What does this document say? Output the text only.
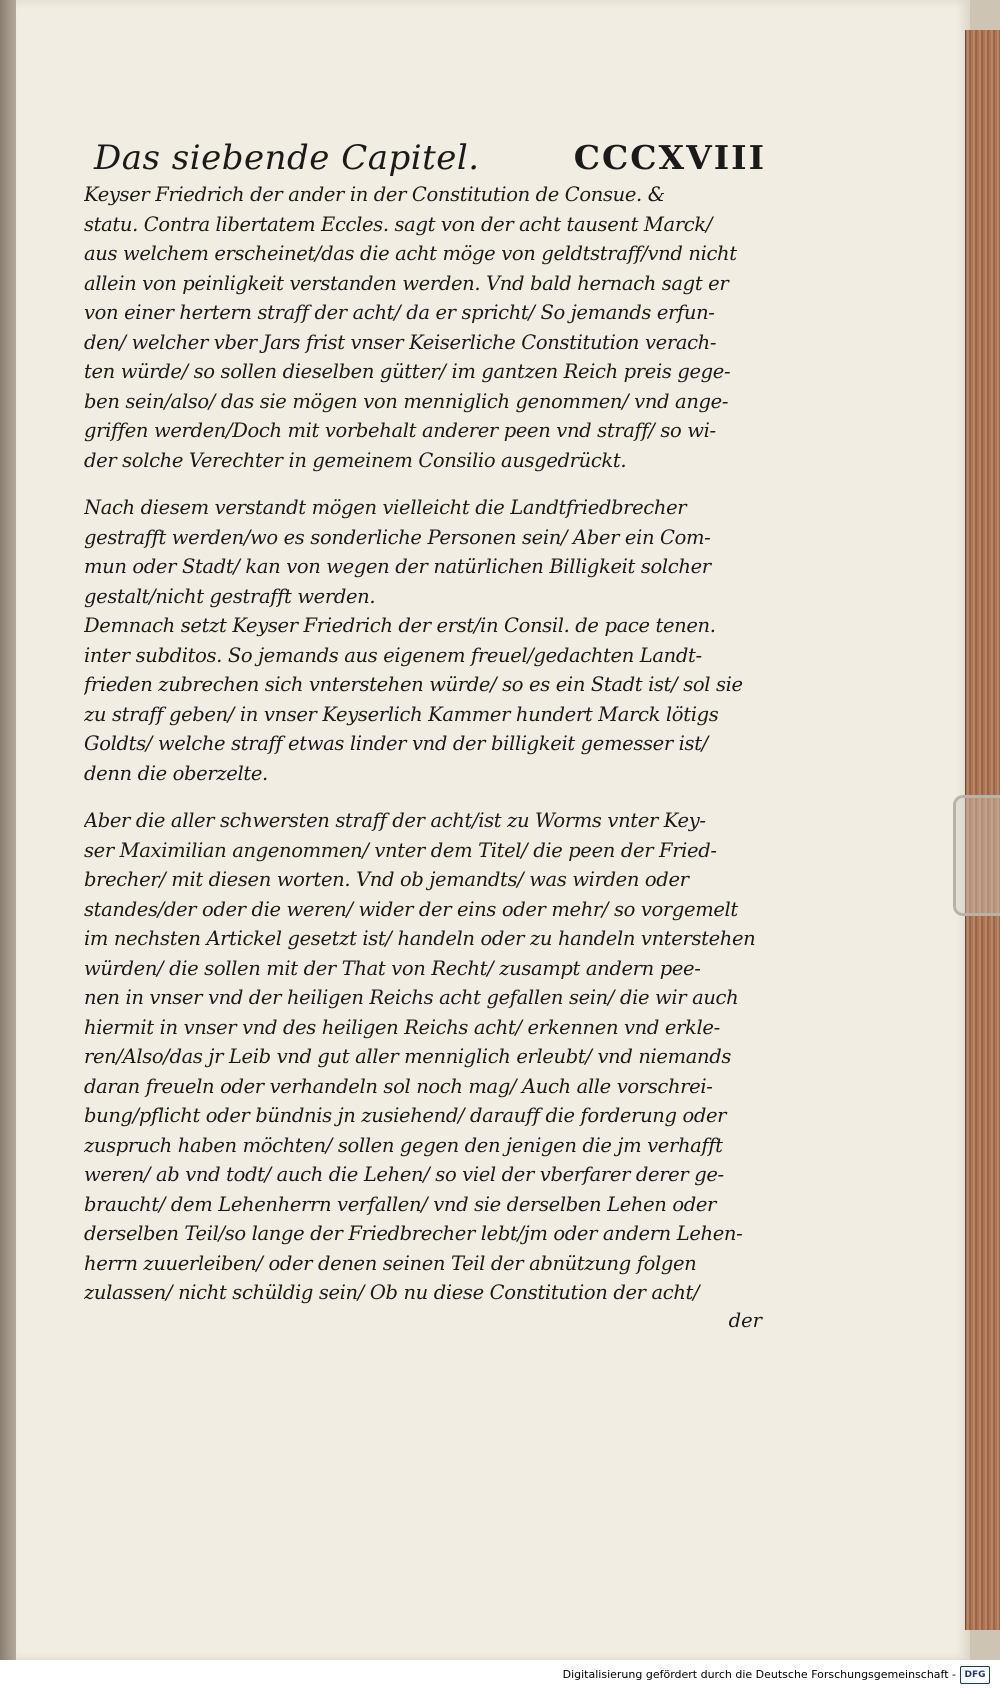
Das siebende Capitel.	CCCXVIII
Keyser Friedrich der ander in der Constitution de Consue. &
statu. Contra libertatem Eccles. sagt von der acht tausent Marck/
aus welchem erscheinet/das die acht möge von geldtstraff/vnd nicht
allein von peinligkeit verstanden werden. Vnd bald hernach sagt er
von einer hertern straff der acht/ da er spricht/ So jemands erfun-
den/ welcher vber Jars frist vnser Keiserliche Constitution verach-
ten würde/ so sollen dieselben gütter/ im gantzen Reich preis gege-
ben sein/also/ das sie mögen von menniglich genommen/ vnd ange-
griffen werden/Doch mit vorbehalt anderer peen vnd straff/ so wi-
der solche Verechter in gemeinem Consilio ausgedrückt.
Nach diesem verstandt mögen vielleicht die Landtfriedbrecher
gestrafft werden/wo es sonderliche Personen sein/ Aber ein Com-
mun oder Stadt/ kan von wegen der natürlichen Billigkeit solcher
gestalt/nicht gestrafft werden.
Demnach setzt Keyser Friedrich der erst/in Consil. de pace tenen.
inter subditos. So jemands aus eigenem freuel/gedachten Landt-
frieden zubrechen sich vnterstehen würde/ so es ein Stadt ist/ sol sie
zu straff geben/ in vnser Keyserlich Kammer hundert Marck lötigs
Goldts/ welche straff etwas linder vnd der billigkeit gemesser ist/
denn die oberzelte.
Aber die aller schwersten straff der acht/ist zu Worms vnter Key-
ser Maximilian angenommen/ vnter dem Titel/ die peen der Fried-
brecher/ mit diesen worten. Vnd ob jemandts/ was wirden oder
standes/der oder die weren/ wider der eins oder mehr/ so vorgemelt
im nechsten Artickel gesetzt ist/ handeln oder zu handeln vnterstehen
würden/ die sollen mit der That von Recht/ zusampt andern pee-
nen in vnser vnd der heiligen Reichs acht gefallen sein/ die wir auch
hiermit in vnser vnd des heiligen Reichs acht/ erkennen vnd erkle-
ren/Also/das jr Leib vnd gut aller menniglich erleubt/ vnd niemands
daran freueln oder verhandeln sol noch mag/ Auch alle vorschrei-
bung/pflicht oder bündnis jn zusiehend/ darauff die forderung oder
zuspruch haben möchten/ sollen gegen den jenigen die jm verhafft
weren/ ab vnd todt/ auch die Lehen/ so viel der vberfarer derer ge-
braucht/ dem Lehenherrn verfallen/ vnd sie derselben Lehen oder
derselben Teil/so lange der Friedbrecher lebt/jm oder andern Lehen-
herrn zuuerleiben/ oder denen seinen Teil der abnützung folgen
zulassen/ nicht schüldig sein/ Ob nu diese Constitution der acht/
der
Digitalisierung gefördert durch die Deutsche Forschungsgemeinschaft - DFG
